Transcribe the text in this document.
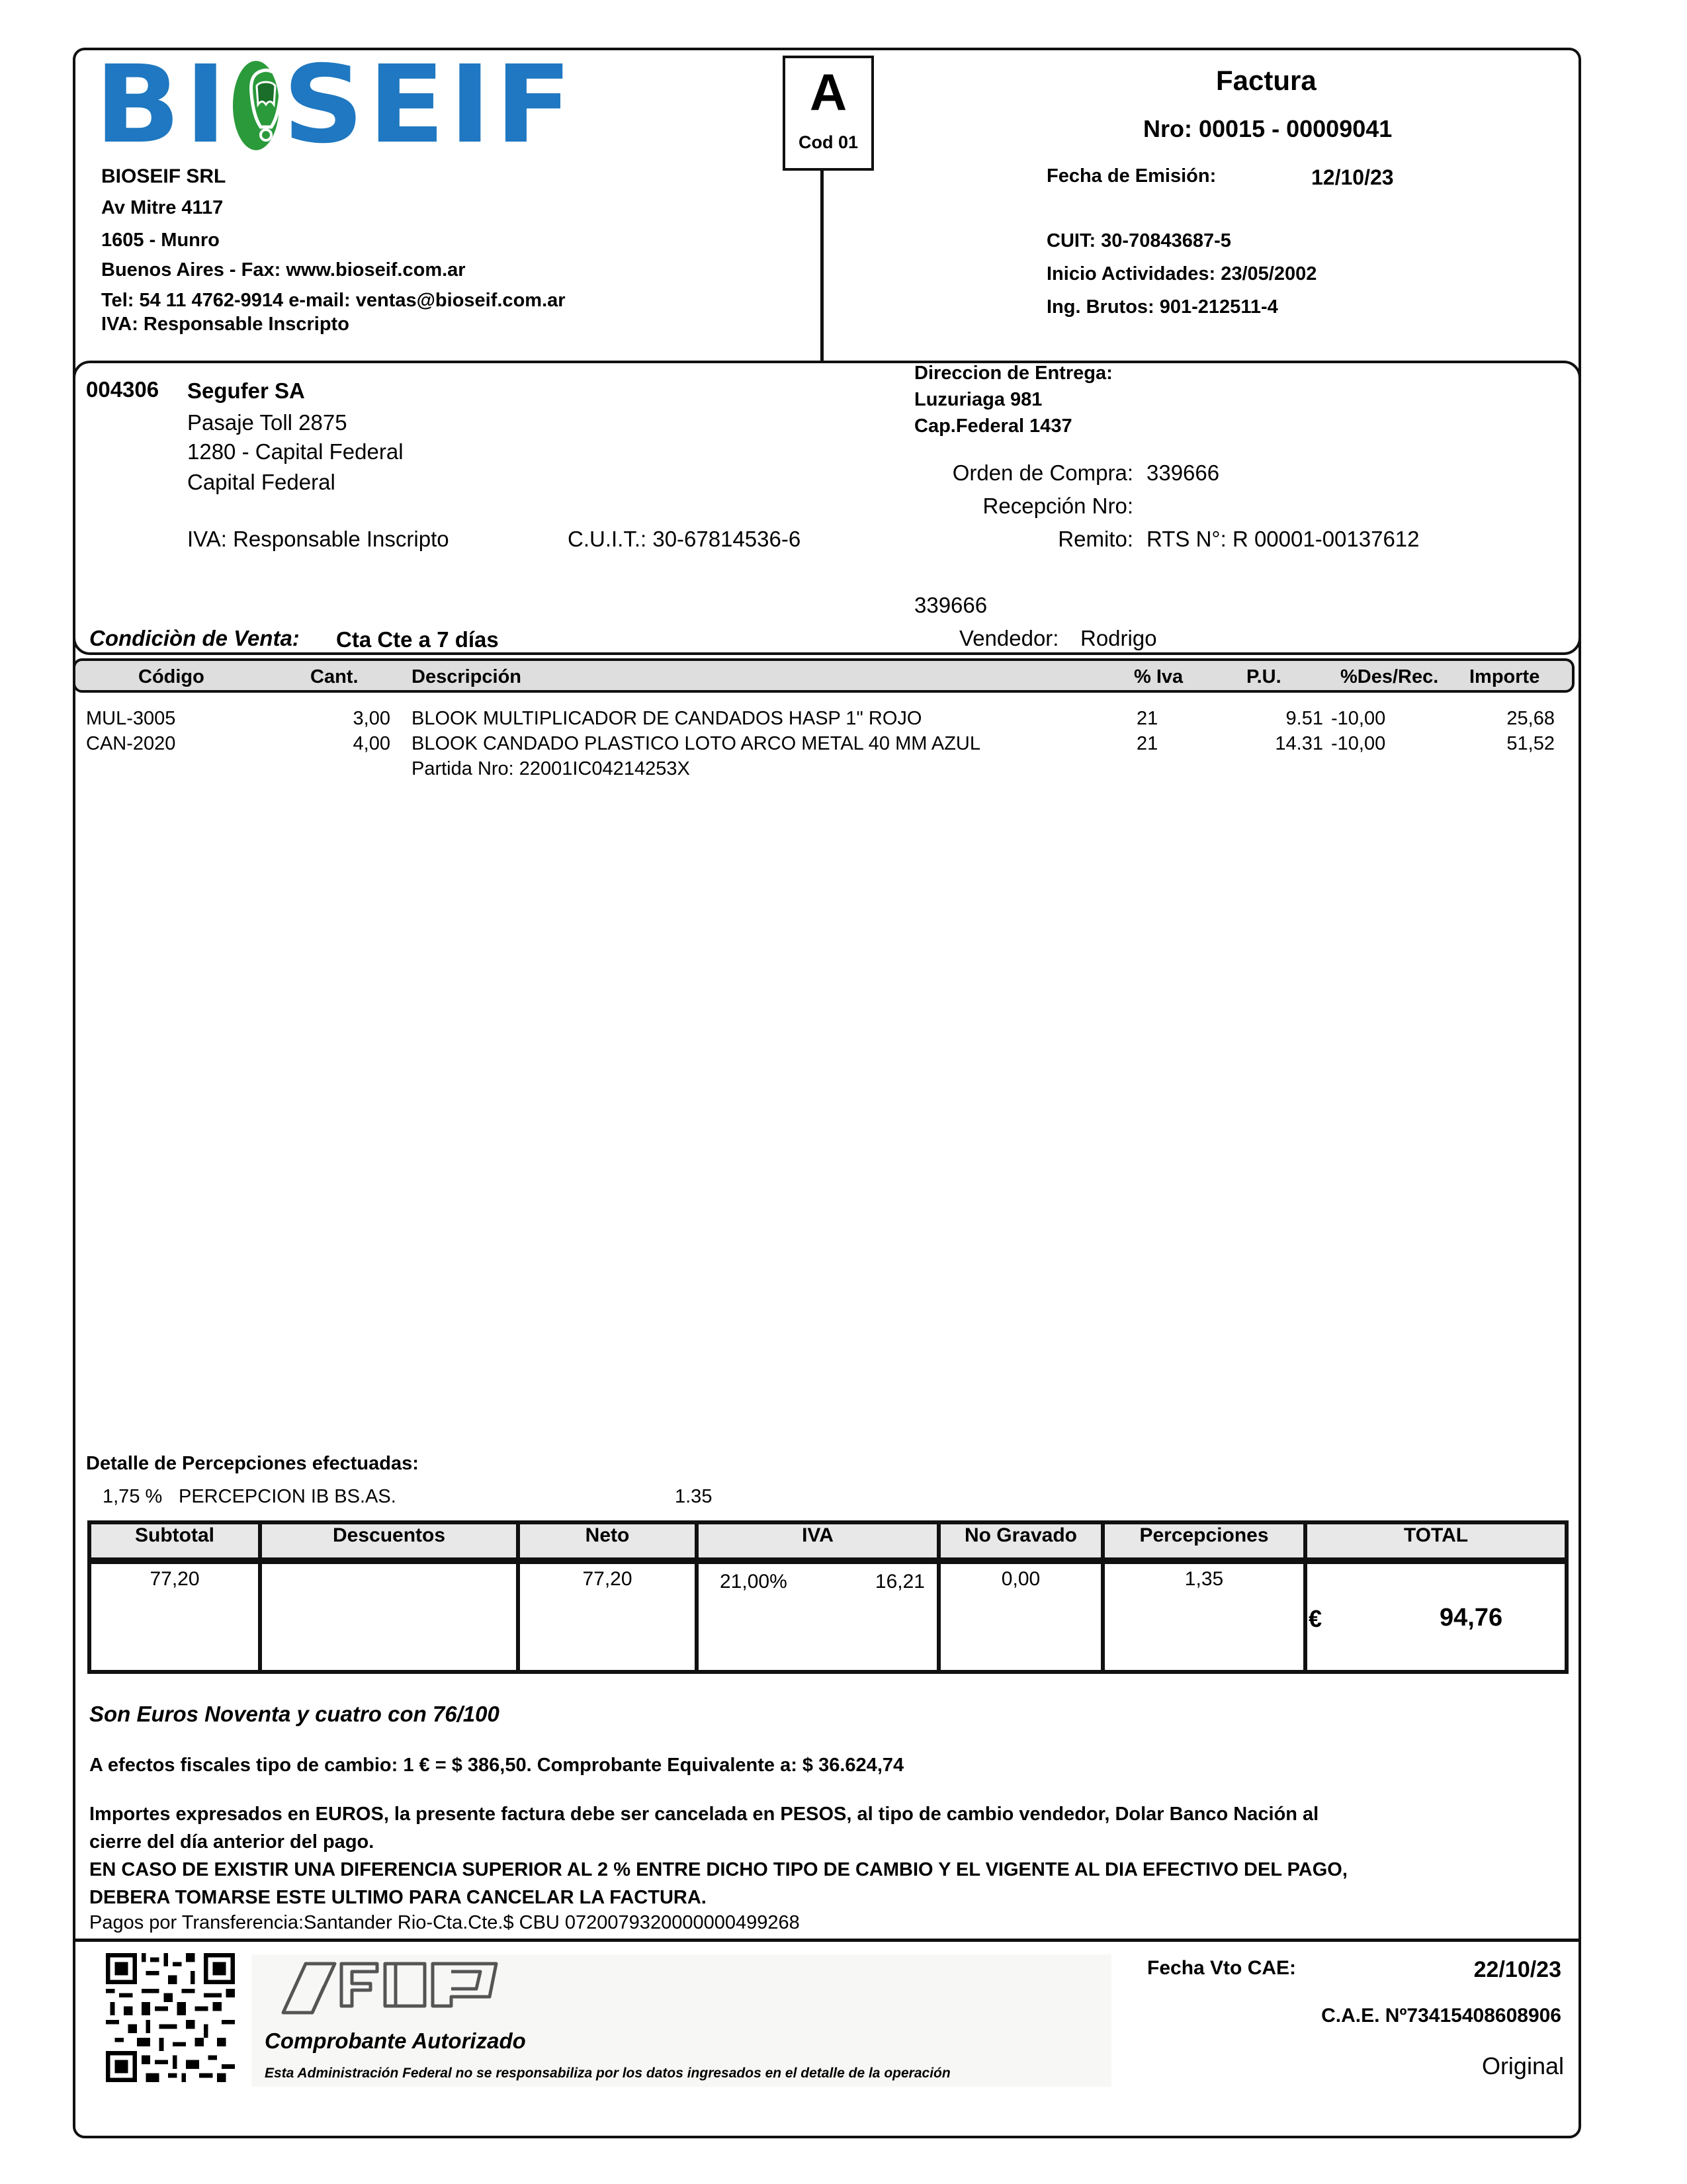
BI SEIF	A
Cod 01
BIOSEIF SRL
Av Mitre 4117
1605 - Munro
Buenos Aires - Fax: www.bioseif.com.ar
Tel: 54 11 4762-9914 e-mail: ventas@bioseif.com.ar
IVA: Responsable Inscripto
Factura
Nro: 00015 - 00009041
Fecha de Emisión:	12/10/23
CUIT: 30-70843687-5
Inicio Actividades: 23/05/2002
Ing. Brutos: 901-212511-4
004306 Segufer SA
Pasaje Toll 2875
1280 - Capital Federal
Capital Federal
IVA: Responsable Inscripto	C.U.I.T.: 30-67814536-6
Direccion de Entrega:
Luzuriaga 981
Cap.Federal 1437
Orden de Compra: 339666
Recepción Nro:
Remito: RTS N°: R 00001-00137612
339666
Vendedor: Rodrigo
Condiciòn de Venta: Cta Cte a 7 días
Código	Cant.	Descripción	% Iva	P.U.	%Des/Rec. Importe
MUL-3005	3,00 BLOOK MULTIPLICADOR DE CANDADOS HASP 1" ROJO	21	9.51 -10,00	25,68
CAN-2020	4,00 BLOOK CANDADO PLASTICO LOTO ARCO METAL 40 MM AZUL	21	14.31 -10,00	51,52
Partida Nro: 22001IC04214253X
Detalle de Percepciones efectuadas:
1,75 % PERCEPCION IB BS.AS.	1.35
Subtotal	Descuentos	Neto	IVA	No Gravado	Percepciones	TOTAL
77,20		77,20	21,00% 16,21	0,00	1,35	€ 94,76
Son Euros Noventa y cuatro con 76/100
A efectos fiscales tipo de cambio: 1 € = $ 386,50. Comprobante Equivalente a: $ 36.624,74
Importes expresados en EUROS, la presente factura debe ser cancelada en PESOS, al tipo de cambio vendedor, Dolar Banco Nación al
cierre del día anterior del pago.
EN CASO DE EXISTIR UNA DIFERENCIA SUPERIOR AL 2 % ENTRE DICHO TIPO DE CAMBIO Y EL VIGENTE AL DIA EFECTIVO DEL PAGO,
DEBERA TOMARSE ESTE ULTIMO PARA CANCELAR LA FACTURA.
Pagos por Transferencia:Santander Rio-Cta.Cte.$ CBU 0720079320000000499268
Comprobante Autorizado
Esta Administración Federal no se responsabiliza por los datos ingresados en el detalle de la operación
Fecha Vto CAE:	22/10/23
C.A.E. Nº73415408608906
Original
